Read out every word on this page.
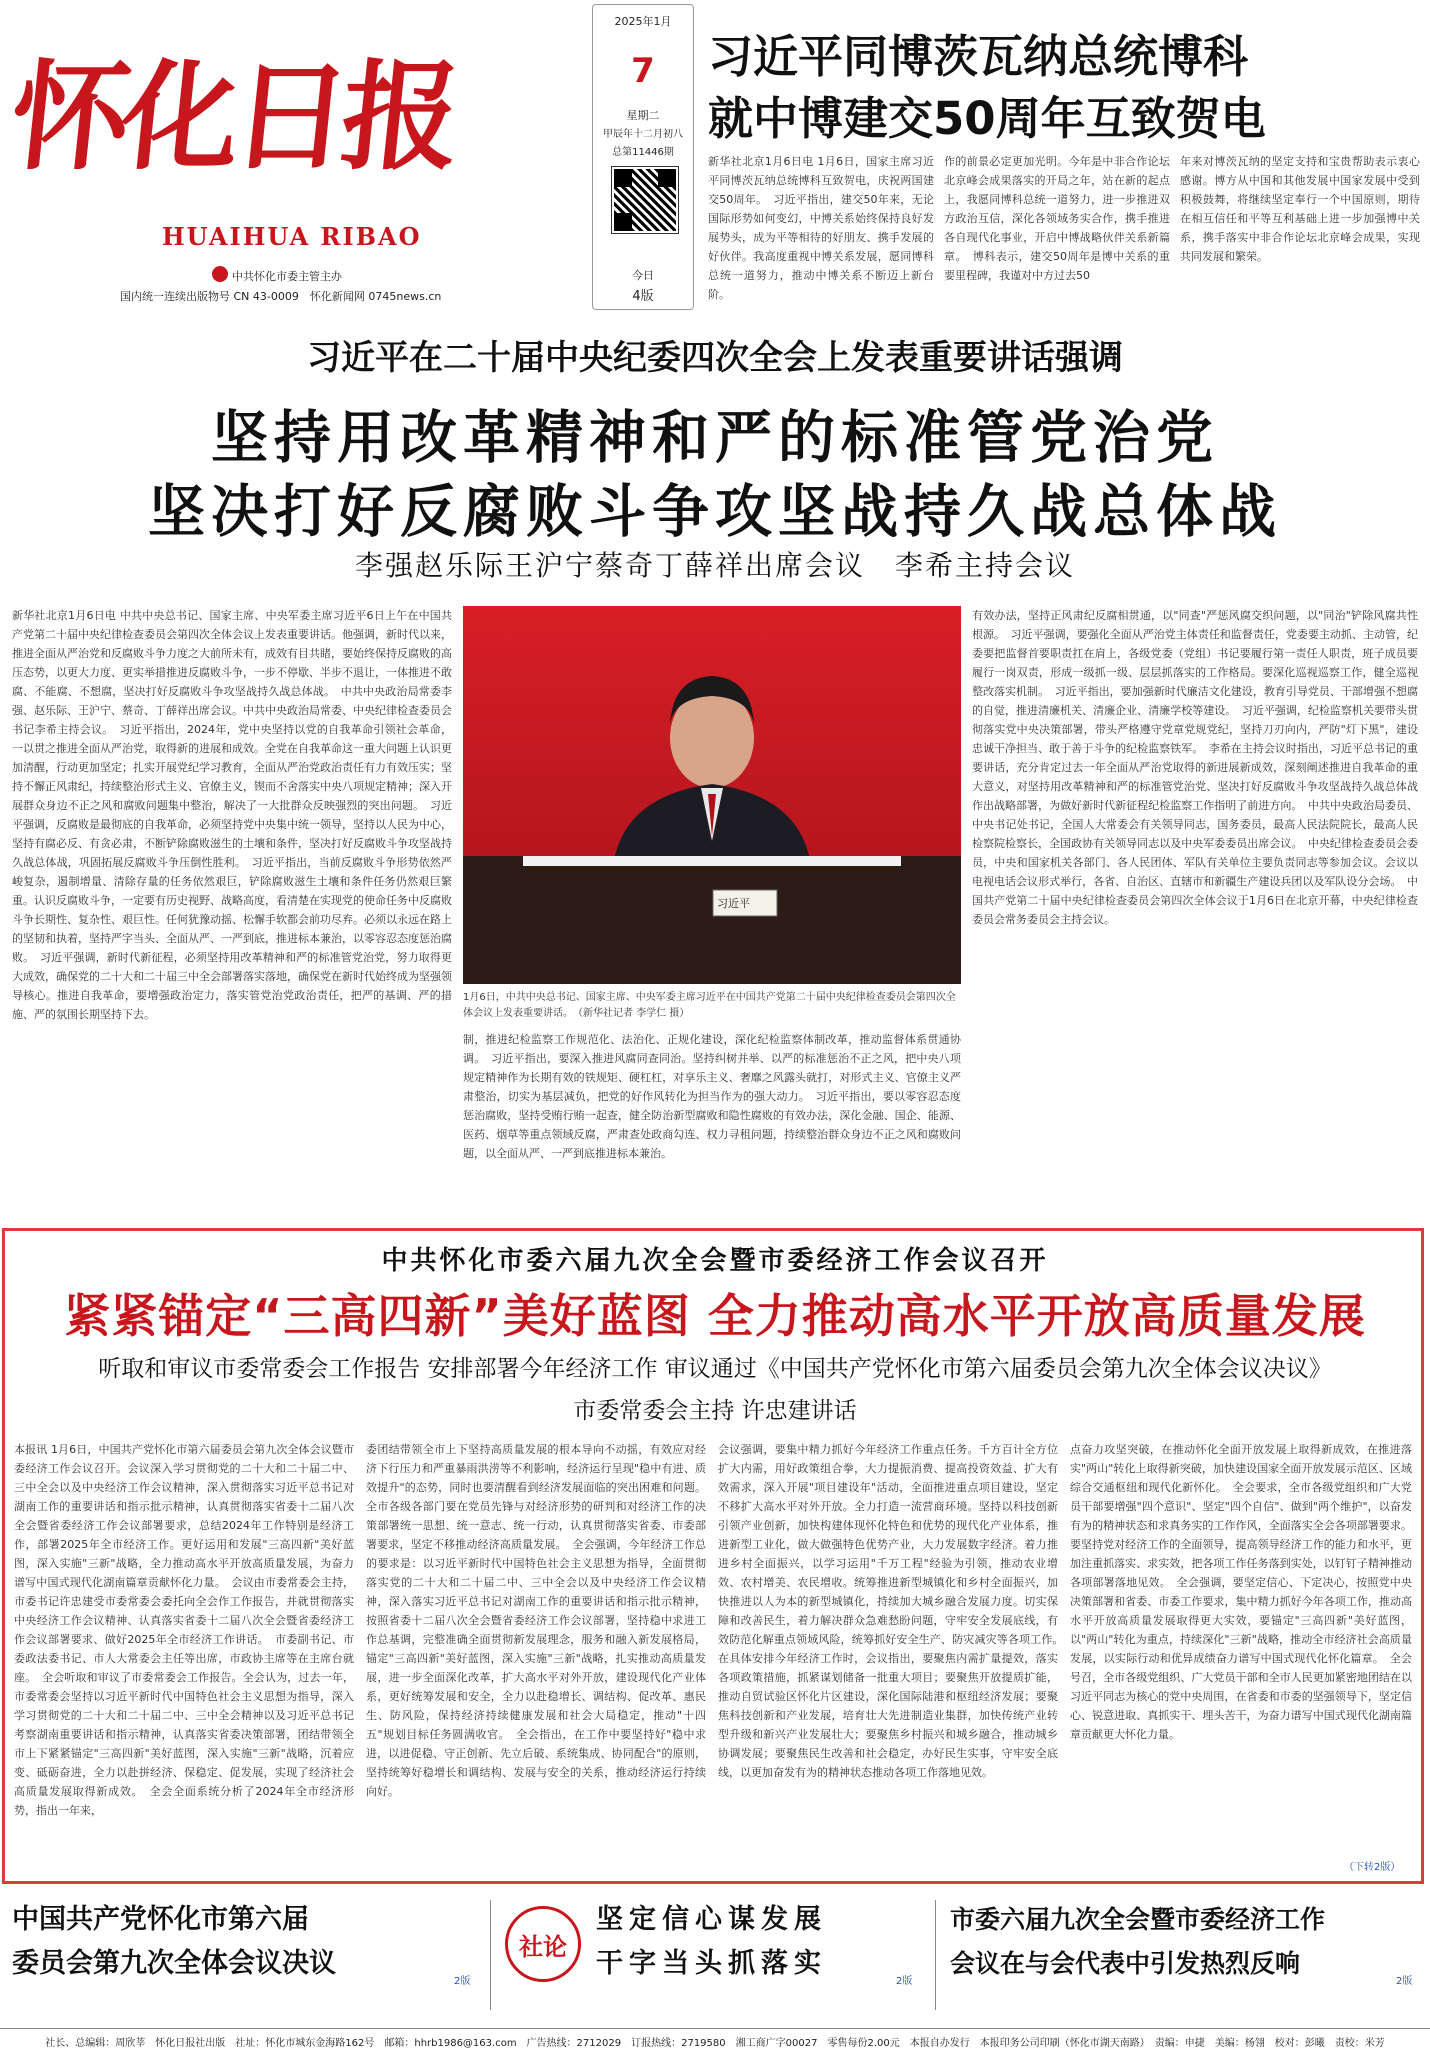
怀化日报
HUAIHUA RIBAO
中共怀化市委主管主办
国内统一连续出版物号 CN 43-0009　怀化新闻网 0745news.cn
2025年1月
7
星期二
甲辰年十二月初八
总第11446期
今日
4版
习近平同博茨瓦纳总统博科
就中博建交50周年互致贺电
新华社北京1月6日电 1月6日，国家主席习近平同博茨瓦纳总统博科互致贺电，庆祝两国建交50周年。　习近平指出，建交50年来，无论国际形势如何变幻，中博关系始终保持良好发展势头，成为平等相待的好朋友、携手发展的好伙伴。我高度重视中博关系发展，愿同博科总统一道努力，推动中博关系不断迈上新台阶。
作的前景必定更加光明。今年是中非合作论坛北京峰会成果落实的开局之年，站在新的起点上，我愿同博科总统一道努力，进一步推进双方政治互信，深化各领域务实合作，携手推进各自现代化事业，开启中博战略伙伴关系新篇章。　博科表示，建交50周年是博中关系的重要里程碑，我谨对中方过去50
年来对博茨瓦纳的坚定支持和宝贵帮助表示衷心感谢。博方从中国和其他发展中国家发展中受到积极鼓舞，将继续坚定奉行一个中国原则，期待在相互信任和平等互利基础上进一步加强博中关系，携手落实中非合作论坛北京峰会成果，实现共同发展和繁荣。
习近平在二十届中央纪委四次全会上发表重要讲话强调
坚持用改革精神和严的标准管党治党
坚决打好反腐败斗争攻坚战持久战总体战
李强赵乐际王沪宁蔡奇丁薛祥出席会议　李希主持会议
新华社北京1月6日电 中共中央总书记、国家主席、中央军委主席习近平6日上午在中国共产党第二十届中央纪律检查委员会第四次全体会议上发表重要讲话。他强调，新时代以来，推进全面从严治党和反腐败斗争力度之大前所未有，成效有目共睹，要始终保持反腐败的高压态势，以更大力度、更实举措推进反腐败斗争，一步不停歇、半步不退让，一体推进不敢腐、不能腐、不想腐，坚决打好反腐败斗争攻坚战持久战总体战。　中共中央政治局常委李强、赵乐际、王沪宁、蔡奇、丁薛祥出席会议。中共中央政治局常委、中央纪律检查委员会书记李希主持会议。　习近平指出，2024年，党中央坚持以党的自我革命引领社会革命，一以贯之推进全面从严治党，取得新的进展和成效。全党在自我革命这一重大问题上认识更加清醒，行动更加坚定；扎实开展党纪学习教育，全面从严治党政治责任有力有效压实；坚持不懈正风肃纪，持续整治形式主义、官僚主义，锲而不舍落实中央八项规定精神；深入开展群众身边不正之风和腐败问题集中整治，解决了一大批群众反映强烈的突出问题。　习近平强调，反腐败是最彻底的自我革命，必须坚持党中央集中统一领导，坚持以人民为中心，坚持有腐必反、有贪必肃，不断铲除腐败滋生的土壤和条件，坚决打好反腐败斗争攻坚战持久战总体战，巩固拓展反腐败斗争压倒性胜利。　习近平指出，当前反腐败斗争形势依然严峻复杂，遏制增量、清除存量的任务依然艰巨，铲除腐败滋生土壤和条件任务仍然艰巨繁重。认识反腐败斗争，一定要有历史视野、战略高度，看清楚在实现党的使命任务中反腐败斗争长期性、复杂性、艰巨性。任何犹豫动摇、松懈手软都会前功尽弃。必须以永远在路上的坚韧和执着，坚持严字当头、全面从严、一严到底，推进标本兼治，以零容忍态度惩治腐败。　习近平强调，新时代新征程，必须坚持用改革精神和严的标准管党治党，努力取得更大成效，确保党的二十大和二十届三中全会部署落实落地，确保党在新时代始终成为坚强领导核心。推进自我革命，要增强政治定力，落实管党治党政治责任，把严的基调、严的措施、严的氛围长期坚持下去。
习近平
1月6日，中共中央总书记、国家主席、中央军委主席习近平在中国共产党第二十届中央纪律检查委员会第四次全体会议上发表重要讲话。　（新华社记者 李学仁 摄）
制，推进纪检监察工作规范化、法治化、正规化建设，深化纪检监察体制改革，推动监督体系贯通协调。　习近平指出，要深入推进风腐同查同治。坚持纠树并举、以严的标准惩治不正之风，把中央八项规定精神作为长期有效的铁规矩、硬杠杠，对享乐主义、奢靡之风露头就打，对形式主义、官僚主义严肃整治，切实为基层减负，把党的好作风转化为担当作为的强大动力。　习近平指出，要以零容忍态度惩治腐败，坚持受贿行贿一起查，健全防治新型腐败和隐性腐败的有效办法，深化金融、国企、能源、医药、烟草等重点领域反腐，严肃查处政商勾连、权力寻租问题，持续整治群众身边不正之风和腐败问题，以全面从严、一严到底推进标本兼治。
有效办法，坚持正风肃纪反腐相贯通，以"同查"严惩风腐交织问题，以"同治"铲除风腐共性根源。　习近平强调，要强化全面从严治党主体责任和监督责任，党委要主动抓、主动管，纪委要把监督首要职责扛在肩上，各级党委（党组）书记要履行第一责任人职责，班子成员要履行一岗双责，形成一级抓一级、层层抓落实的工作格局。要深化巡视巡察工作，健全巡视整改落实机制。　习近平指出，要加强新时代廉洁文化建设，教育引导党员、干部增强不想腐的自觉，推进清廉机关、清廉企业、清廉学校等建设。　习近平强调，纪检监察机关要带头贯彻落实党中央决策部署，带头严格遵守党章党规党纪，坚持刀刃向内，严防"灯下黑"，建设忠诚干净担当、敢于善于斗争的纪检监察铁军。　李希在主持会议时指出，习近平总书记的重要讲话，充分肯定过去一年全面从严治党取得的新进展新成效，深刻阐述推进自我革命的重大意义，对坚持用改革精神和严的标准管党治党、坚决打好反腐败斗争攻坚战持久战总体战作出战略部署，为做好新时代新征程纪检监察工作指明了前进方向。　中共中央政治局委员、中央书记处书记，全国人大常委会有关领导同志，国务委员，最高人民法院院长，最高人民检察院检察长，全国政协有关领导同志以及中央军委委员出席会议。　中央纪律检查委员会委员，中央和国家机关各部门、各人民团体、军队有关单位主要负责同志等参加会议。会议以电视电话会议形式举行，各省、自治区、直辖市和新疆生产建设兵团以及军队设分会场。　中国共产党第二十届中央纪律检查委员会第四次全体会议于1月6日在北京开幕，中央纪律检查委员会常务委员会主持会议。
中共怀化市委六届九次全会暨市委经济工作会议召开
紧紧锚定“三高四新”美好蓝图 全力推动高水平开放高质量发展
听取和审议市委常委会工作报告 安排部署今年经济工作 审议通过《中国共产党怀化市第六届委员会第九次全体会议决议》
市委常委会主持 许忠建讲话
本报讯 1月6日，中国共产党怀化市第六届委员会第九次全体会议暨市委经济工作会议召开。会议深入学习贯彻党的二十大和二十届二中、三中全会以及中央经济工作会议精神，深入贯彻落实习近平总书记对湖南工作的重要讲话和指示批示精神，认真贯彻落实省委十二届八次全会暨省委经济工作会议部署要求，总结2024年工作特别是经济工作，部署2025年全市经济工作。更好运用和发展"三高四新"美好蓝图，深入实施"三新"战略，全力推动高水平开放高质量发展，为奋力谱写中国式现代化湖南篇章贡献怀化力量。　会议由市委常委会主持，市委书记许忠建受市委常委会委托向全会作工作报告，并就贯彻落实中央经济工作会议精神、认真落实省委十二届八次全会暨省委经济工作会议部署要求、做好2025年全市经济工作讲话。　市委副书记、市委政法委书记、市人大常委会主任等出席，市政协主席等在主席台就座。　全会听取和审议了市委常委会工作报告。全会认为，过去一年，市委常委会坚持以习近平新时代中国特色社会主义思想为指导，深入学习贯彻党的二十大和二十届二中、三中全会精神以及习近平总书记考察湖南重要讲话和指示精神，认真落实省委决策部署，团结带领全市上下紧紧锚定"三高四新"美好蓝图，深入实施"三新"战略，沉着应变、砥砺奋进，全力以赴拼经济、保稳定、促发展，实现了经济社会高质量发展取得新成效。　全会全面系统分析了2024年全市经济形势，指出一年来，
委团结带领全市上下坚持高质量发展的根本导向不动摇，有效应对经济下行压力和严重暴雨洪涝等不利影响，经济运行呈现"稳中有进、质效提升"的态势，同时也要清醒看到经济发展面临的突出困难和问题。全市各级各部门要在党员先锋与对经济形势的研判和对经济工作的决策部署统一思想、统一意志、统一行动，认真贯彻落实省委、市委部署要求，坚定不移推动经济高质量发展。　全会强调，今年经济工作总的要求是：以习近平新时代中国特色社会主义思想为指导，全面贯彻落实党的二十大和二十届二中、三中全会以及中央经济工作会议精神，深入落实习近平总书记对湖南工作的重要讲话和指示批示精神，按照省委十二届八次全会暨省委经济工作会议部署，坚持稳中求进工作总基调，完整准确全面贯彻新发展理念，服务和融入新发展格局，锚定"三高四新"美好蓝图，深入实施"三新"战略，扎实推动高质量发展，进一步全面深化改革，扩大高水平对外开放，建设现代化产业体系，更好统筹发展和安全，全力以赴稳增长、调结构、促改革、惠民生、防风险，保持经济持续健康发展和社会大局稳定，推动"十四五"规划目标任务圆满收官。　全会指出，在工作中要坚持好"稳中求进，以进促稳、守正创新、先立后破、系统集成、协同配合"的原则，坚持统筹好稳增长和调结构、发展与安全的关系，推动经济运行持续向好。
会议强调，要集中精力抓好今年经济工作重点任务。千方百计全方位扩大内需，用好政策组合拳，大力提振消费、提高投资效益、扩大有效需求，深入开展"项目建设年"活动，全面推进重点项目建设，坚定不移扩大高水平对外开放。全力打造一流营商环境。坚持以科技创新引领产业创新，加快构建体现怀化特色和优势的现代化产业体系，推进新型工业化，做大做强特色优势产业，大力发展数字经济。着力推进乡村全面振兴，以学习运用"千万工程"经验为引领，推动农业增效、农村增美、农民增收。统筹推进新型城镇化和乡村全面振兴，加快推进以人为本的新型城镇化，持续加大城乡融合发展力度。切实保障和改善民生，着力解决群众急难愁盼问题，守牢安全发展底线，有效防范化解重点领域风险，统筹抓好安全生产、防灾减灾等各项工作。　在具体安排今年经济工作时，会议指出，要聚焦内需扩量提效，落实各项政策措施，抓紧谋划储备一批重大项目；要聚焦开放提质扩能，推动自贸试验区怀化片区建设，深化国际陆港和枢纽经济发展；要聚焦科技创新和产业发展，培育壮大先进制造业集群，加快传统产业转型升级和新兴产业发展壮大；要聚焦乡村振兴和城乡融合，推动城乡协调发展；要聚焦民生改善和社会稳定，办好民生实事，守牢安全底线，以更加奋发有为的精神状态推动各项工作落地见效。
点奋力攻坚突破，在推动怀化全面开放发展上取得新成效，在推进落实"两山"转化上取得新突破，加快建设国家全面开放发展示范区、区域综合交通枢纽和现代化新怀化。　全会要求，全市各级党组织和广大党员干部要增强"四个意识"、坚定"四个自信"、做到"两个维护"，以奋发有为的精神状态和求真务实的工作作风，全面落实全会各项部署要求。要坚持党对经济工作的全面领导，提高领导经济工作的能力和水平，更加注重抓落实、求实效，把各项工作任务落到实处，以钉钉子精神推动各项部署落地见效。　全会强调，要坚定信心、下定决心，按照党中央决策部署和省委、市委工作要求，集中精力抓好今年各项工作，推动高水平开放高质量发展取得更大实效，要锚定"三高四新"美好蓝图，以"两山"转化为重点，持续深化"三新"战略，推动全市经济社会高质量发展，以实际行动和优异成绩奋力谱写中国式现代化怀化篇章。　全会号召，全市各级党组织、广大党员干部和全市人民更加紧密地团结在以习近平同志为核心的党中央周围，在省委和市委的坚强领导下，坚定信心、锐意进取、真抓实干、埋头苦干，为奋力谱写中国式现代化湖南篇章贡献更大怀化力量。
（下转2版）
中国共产党怀化市第六届
委员会第九次全体会议决议
2版
社论
坚定信心谋发展
干字当头抓落实
2版
市委六届九次全会暨市委经济工作
会议在与会代表中引发热烈反响
2版
社长、总编辑：周欣莘　怀化日报社出版　社址：怀化市城东金海路162号　邮箱：hhrb1986@163.com　广告热线：2712029　订报热线：2719580　湘工商广字00027　零售每份2.00元　本报自办发行　本报印务公司印刷（怀化市湖天南路）　责编：申捷　美编：杨翎　校对：彭曦　责校：米芳
